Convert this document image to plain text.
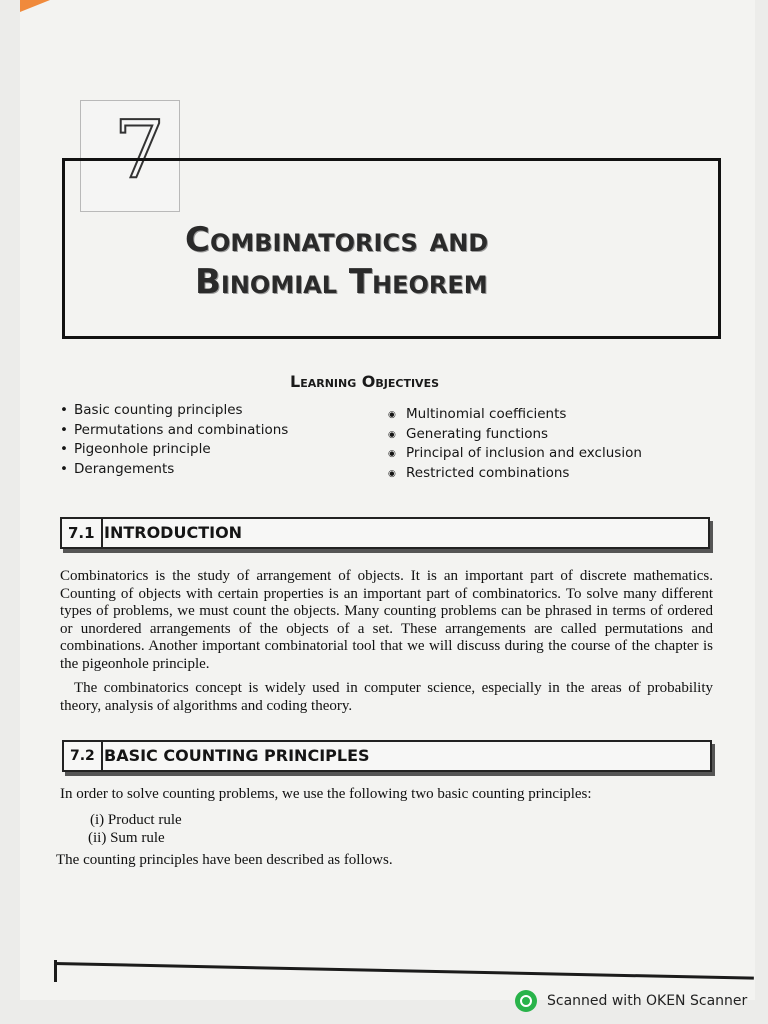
7
Combinatorics and
Binomial Theorem
Learning Objectives
• Basic counting principles
• Permutations and combinations
• Pigeonhole principle
• Derangements
◉ Multinomial coefficients
◉ Generating functions
◉ Principal of inclusion and exclusion
◉ Restricted combinations
7.1 INTRODUCTION

Combinatorics is the study of arrangement of objects. It is an important part of discrete mathematics. Counting of objects with certain properties is an important part of combinatorics. To solve many different types of problems, we must count the objects. Many counting problems can be phrased in terms of ordered or unordered arrangements of the objects of a set. These arrangements are called permutations and combinations. Another important combinatorial tool that we will discuss during the course of the chapter is the pigeonhole principle.

The combinatorics concept is widely used in computer science, especially in the areas of probability theory, analysis of algorithms and coding theory.

7.2 BASIC COUNTING PRINCIPLES

In order to solve counting problems, we use the following two basic counting principles:

(i) Product rule
(ii) Sum rule

The counting principles have been described as follows.

Scanned with OKEN Scanner
